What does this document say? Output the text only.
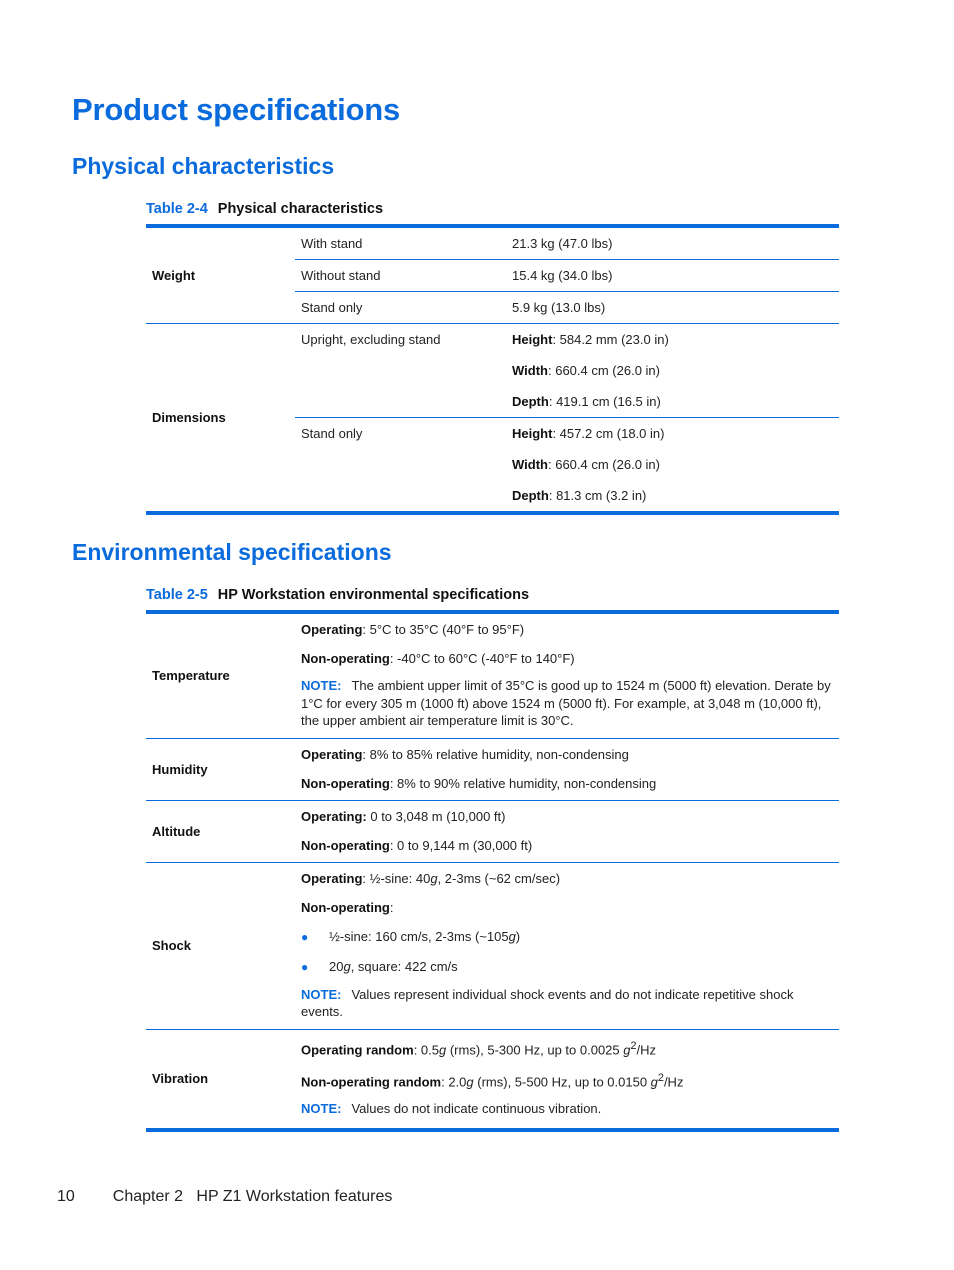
Product specifications
Physical characteristics
Table 2-4 Physical characteristics
Weight	With stand	21.3 kg (47.0 lbs)

	Without stand	15.4 kg (34.0 lbs)

	Stand only	5.9 kg (13.0 lbs)

Dimensions	Upright, excluding stand	Height: 584.2 mm (23.0 in)
Width: 660.4 cm (26.0 in)
Depth: 419.1 cm (16.5 in)

	Stand only	Height: 457.2 cm (18.0 in)
Width: 660.4 cm (26.0 in)
Depth: 81.3 cm (3.2 in)
Environmental specifications
Table 2-5 HP Workstation environmental specifications
Temperature	Operating: 5°C to 35°C (40°F to 95°F)
Non-operating: -40°C to 60°C (-40°F to 140°F)
NOTE: The ambient upper limit of 35°C is good up to 1524 m (5000 ft) elevation. Derate by 1°C for every 305 m (1000 ft) above 1524 m (5000 ft). For example, at 3,048 m (10,000 ft), the upper ambient air temperature limit is 30°C.

Humidity	Operating: 8% to 85% relative humidity, non-condensing
Non-operating: 8% to 90% relative humidity, non-condensing

Altitude	Operating: 0 to 3,048 m (10,000 ft)
Non-operating: 0 to 9,144 m (30,000 ft)

Shock	Operating: ½-sine: 40g, 2-3ms (~62 cm/sec)
Non-operating:
● ½-sine: 160 cm/s, 2-3ms (~105g)
● 20g, square: 422 cm/s
NOTE: Values represent individual shock events and do not indicate repetitive shock events.

Vibration	Operating random: 0.5g (rms), 5-300 Hz, up to 0.0025 $g^2/Hz$
Non-operating random: 2.0g (rms), 5-500 Hz, up to 0.0150 $g^2/Hz$
NOTE: Values do not indicate continuous vibration.
10 Chapter 2   HP Z1 Workstation features
